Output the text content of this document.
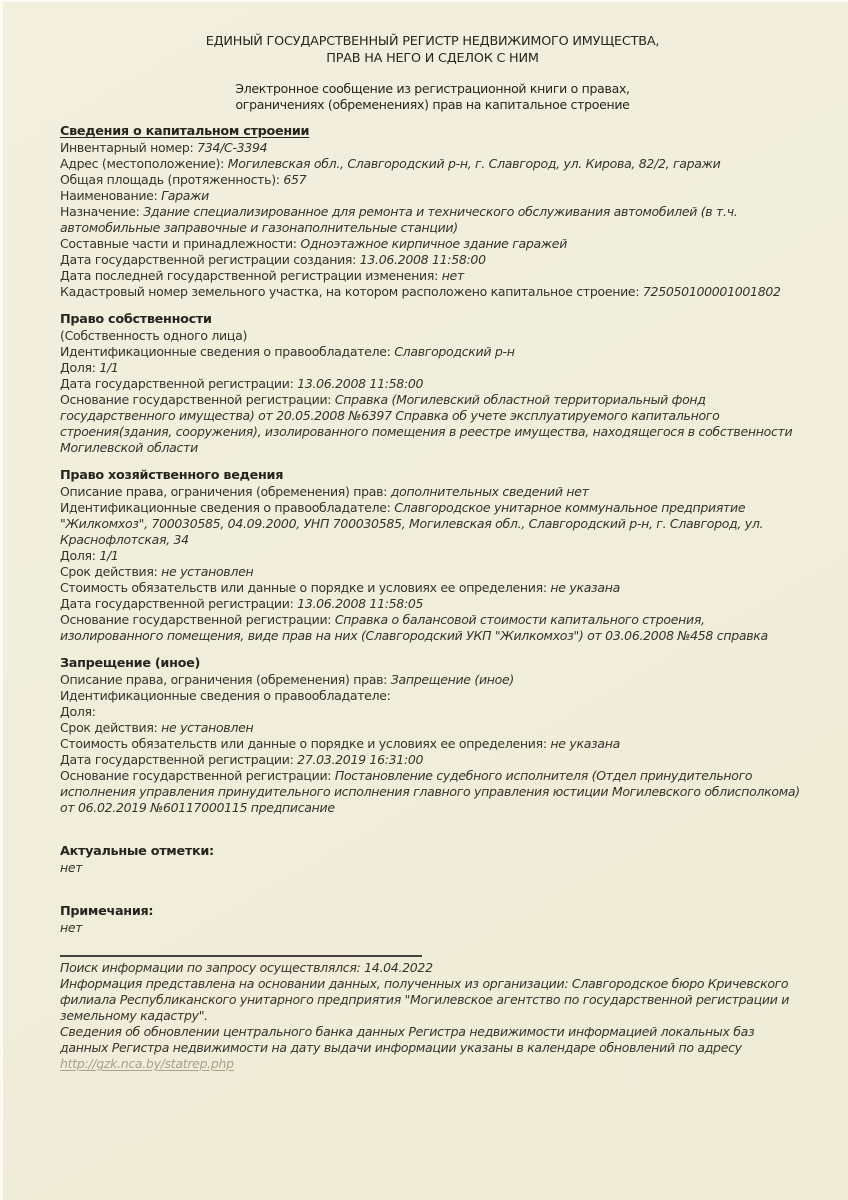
ЕДИНЫЙ ГОСУДАРСТВЕННЫЙ РЕГИСТР НЕДВИЖИМОГО ИМУЩЕСТВА,
ПРАВ НА НЕГО И СДЕЛОК С НИМ
Электронное сообщение из регистрационной книги о правах,
ограничениях (обременениях) прав на капитальное строение
Сведения о капитальном строении
Инвентарный номер: 734/С-3394
Адрес (местоположение): Могилевская обл., Славгородский р-н, г. Славгород, ул. Кирова, 82/2, гаражи
Общая площадь (протяженность): 657
Наименование: Гаражи
Назначение: Здание специализированное для ремонта и технического обслуживания автомобилей (в т.ч. автомобильные заправочные и газонаполнительные станции)
Составные части и принадлежности: Одноэтажное кирпичное здание гаражей
Дата государственной регистрации создания: 13.06.2008 11:58:00
Дата последней государственной регистрации изменения: нет
Кадастровый номер земельного участка, на котором расположено капитальное строение: 725050100001001802
Право собственности
(Собственность одного лица)
Идентификационные сведения о правообладателе: Славгородский р-н
Доля: 1/1
Дата государственной регистрации: 13.06.2008 11:58:00
Основание государственной регистрации: Справка (Могилевский областной территориальный фонд государственного имущества) от 20.05.2008 №6397 Справка об учете эксплуатируемого капитального строения(здания, сооружения), изолированного помещения в реестре имущества, находящегося в собственности Могилевской области
Право хозяйственного ведения
Описание права, ограничения (обременения) прав: дополнительных сведений нет
Идентификационные сведения о правообладателе: Славгородское унитарное коммунальное предприятие "Жилкомхоз", 700030585, 04.09.2000, УНП 700030585, Могилевская обл., Славгородский р-н, г. Славгород, ул. Краснофлотская, 34
Доля: 1/1
Срок действия: не установлен
Стоимость обязательств или данные о порядке и условиях ее определения: не указана
Дата государственной регистрации: 13.06.2008 11:58:05
Основание государственной регистрации: Справка о балансовой стоимости капитального строения, изолированного помещения, виде прав на них (Славгородский УКП "Жилкомхоз") от 03.06.2008 №458 справка
Запрещение (иное)
Описание права, ограничения (обременения) прав: Запрещение (иное)
Идентификационные сведения о правообладателе:
Доля:
Срок действия: не установлен
Стоимость обязательств или данные о порядке и условиях ее определения: не указана
Дата государственной регистрации: 27.03.2019 16:31:00
Основание государственной регистрации: Постановление судебного исполнителя (Отдел принудительного исполнения управления принудительного исполнения главного управления юстиции Могилевского облисполкома) от 06.02.2019 №60117000115 предписание
Актуальные отметки:
нет
Примечания:
нет
Поиск информации по запросу осуществлялся: 14.04.2022

Информация представлена на основании данных, полученных из организации: Славгородское бюро Кричевского филиала Республиканского унитарного предприятия "Могилевское агентство по государственной регистрации и земельному кадастру".

Сведения об обновлении центрального банка данных Регистра недвижимости информацией локальных баз данных Регистра недвижимости на дату выдачи информации указаны в календаре обновлений по адресу

http://gzk.nca.by/statrep.php
